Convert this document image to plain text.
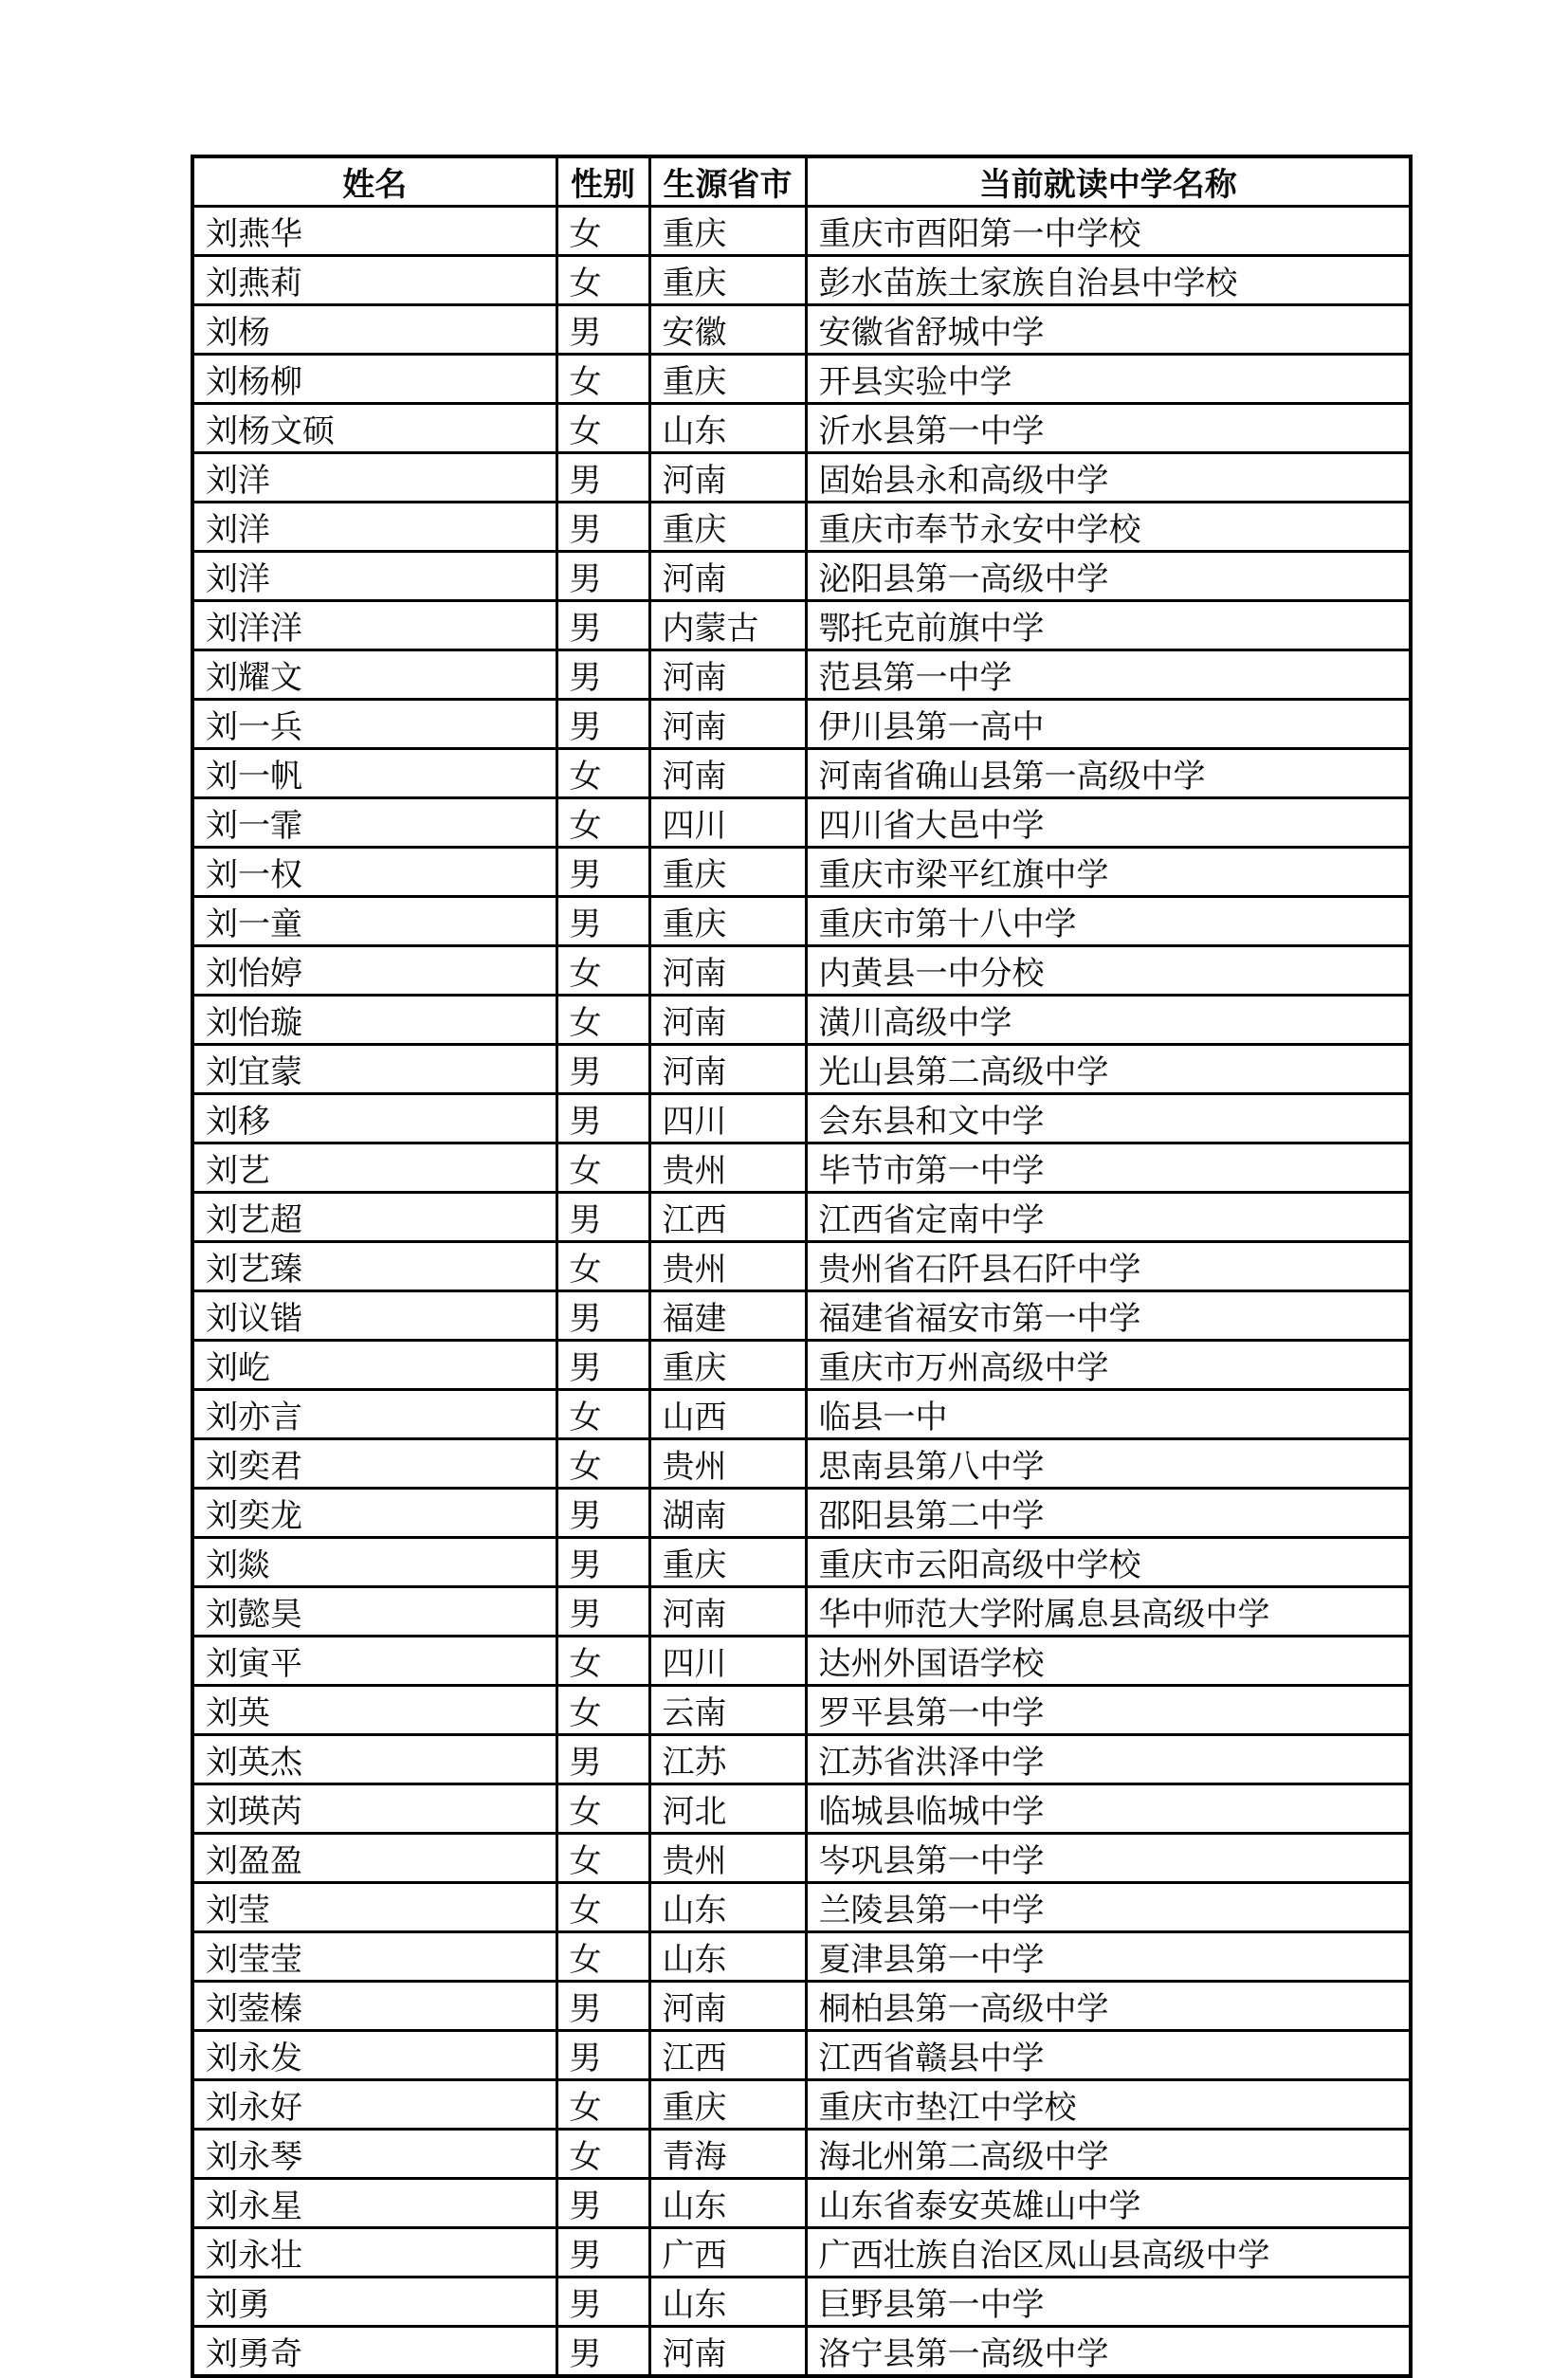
姓名	性别	生源省市	当前就读中学名称
刘燕华	女	重庆	重庆市酉阳第一中学校
刘燕莉	女	重庆	彭水苗族土家族自治县中学校
刘杨	男	安徽	安徽省舒城中学
刘杨柳	女	重庆	开县实验中学
刘杨文硕	女	山东	沂水县第一中学
刘洋	男	河南	固始县永和高级中学
刘洋	男	重庆	重庆市奉节永安中学校
刘洋	男	河南	泌阳县第一高级中学
刘洋洋	男	内蒙古	鄂托克前旗中学
刘耀文	男	河南	范县第一中学
刘一兵	男	河南	伊川县第一高中
刘一帆	女	河南	河南省确山县第一高级中学
刘一霏	女	四川	四川省大邑中学
刘一权	男	重庆	重庆市梁平红旗中学
刘一童	男	重庆	重庆市第十八中学
刘怡婷	女	河南	内黄县一中分校
刘怡璇	女	河南	潢川高级中学
刘宜蒙	男	河南	光山县第二高级中学
刘移	男	四川	会东县和文中学
刘艺	女	贵州	毕节市第一中学
刘艺超	男	江西	江西省定南中学
刘艺臻	女	贵州	贵州省石阡县石阡中学
刘议锴	男	福建	福建省福安市第一中学
刘屹	男	重庆	重庆市万州高级中学
刘亦言	女	山西	临县一中
刘奕君	女	贵州	思南县第八中学
刘奕龙	男	湖南	邵阳县第二中学
刘燚	男	重庆	重庆市云阳高级中学校
刘懿昊	男	河南	华中师范大学附属息县高级中学
刘寅平	女	四川	达州外国语学校
刘英	女	云南	罗平县第一中学
刘英杰	男	江苏	江苏省洪泽中学
刘瑛芮	女	河北	临城县临城中学
刘盈盈	女	贵州	岑巩县第一中学
刘莹	女	山东	兰陵县第一中学
刘莹莹	女	山东	夏津县第一中学
刘蓥榛	男	河南	桐柏县第一高级中学
刘永发	男	江西	江西省赣县中学
刘永好	女	重庆	重庆市垫江中学校
刘永琴	女	青海	海北州第二高级中学
刘永星	男	山东	山东省泰安英雄山中学
刘永壮	男	广西	广西壮族自治区凤山县高级中学
刘勇	男	山东	巨野县第一中学
刘勇奇	男	河南	洛宁县第一高级中学
